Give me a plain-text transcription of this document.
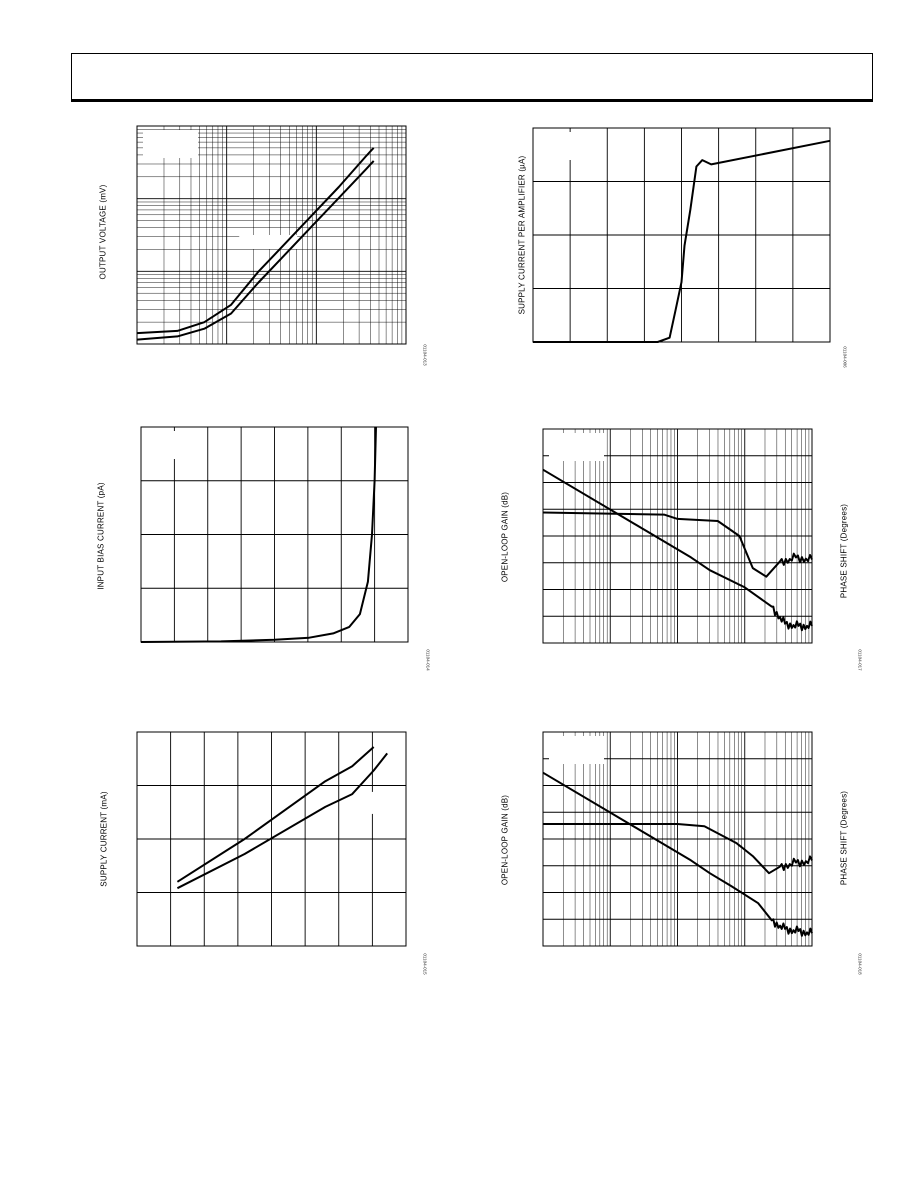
OUTPUT VOLTAGE (mV)
01104-013
SUPPLY CURRENT PER AMPLIFIER (µA)
01104-006
INPUT BIAS CURRENT (pA)
01104-014
OPEN-LOOP GAIN (dB)	PHASE SHIFT (Degrees)
01104-017
SUPPLY CURRENT (mA)
01104-015
OPEN-LOOP GAIN (dB)	PHASE SHIFT (Degrees)
01104-018
